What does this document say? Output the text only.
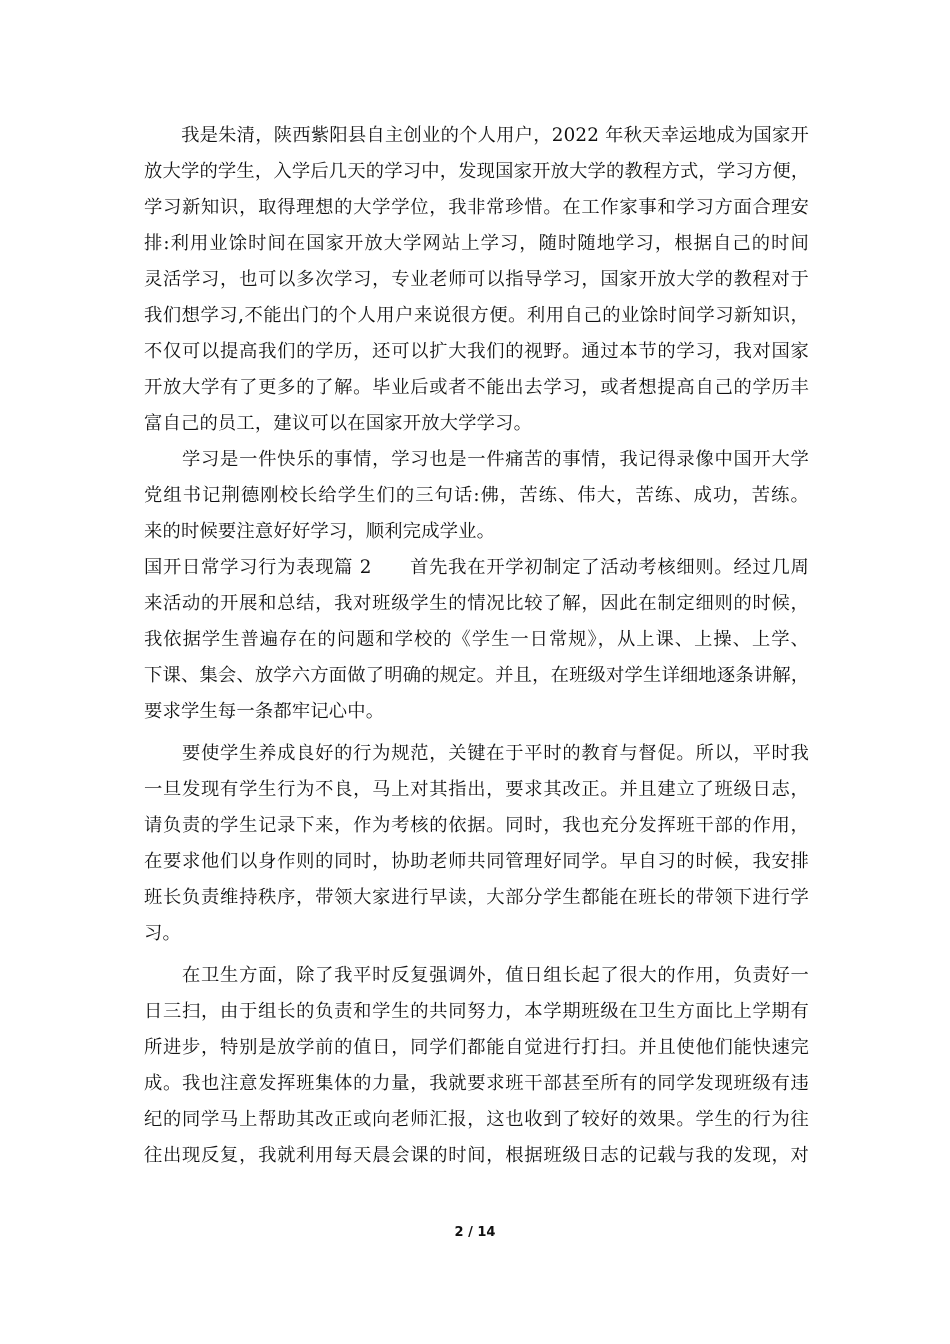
　　我是朱清，陕西紫阳县自主创业的个人用户，2022 年秋天幸运地成为国家开
放大学的学生，入学后几天的学习中，发现国家开放大学的教程方式，学习方便，
学习新知识，取得理想的大学学位，我非常珍惜。在工作家事和学习方面合理安
排:利用业馀时间在国家开放大学网站上学习，随时随地学习，根据自己的时间
灵活学习，也可以多次学习，专业老师可以指导学习，国家开放大学的教程对于
我们想学习,不能出门的个人用户来说很方便。利用自己的业馀时间学习新知识，
不仅可以提高我们的学历，还可以扩大我们的视野。通过本节的学习，我对国家
开放大学有了更多的了解。毕业后或者不能出去学习，或者想提高自己的学历丰
富自己的员工，建议可以在国家开放大学学习。
　　学习是一件快乐的事情，学习也是一件痛苦的事情，我记得录像中国开大学
党组书记荆德刚校长给学生们的三句话:佛，苦练、伟大，苦练、成功，苦练。
来的时候要注意好好学习，顺利完成学业。
国开日常学习行为表现篇 2　　首先我在开学初制定了活动考核细则。经过几周
来活动的开展和总结，我对班级学生的情况比较了解，因此在制定细则的时候，
我依据学生普遍存在的问题和学校的《学生一日常规》，从上课、上操、上学、
下课、集会、放学六方面做了明确的规定。并且，在班级对学生详细地逐条讲解，
要求学生每一条都牢记心中。
　　要使学生养成良好的行为规范，关键在于平时的教育与督促。所以，平时我
一旦发现有学生行为不良，马上对其指出，要求其改正。并且建立了班级日志，
请负责的学生记录下来，作为考核的依据。同时，我也充分发挥班干部的作用，
在要求他们以身作则的同时，协助老师共同管理好同学。早自习的时候，我安排
班长负责维持秩序，带领大家进行早读，大部分学生都能在班长的带领下进行学
习。
　　在卫生方面，除了我平时反复强调外，值日组长起了很大的作用，负责好一
日三扫，由于组长的负责和学生的共同努力，本学期班级在卫生方面比上学期有
所进步，特别是放学前的值日，同学们都能自觉进行打扫。并且使他们能快速完
成。我也注意发挥班集体的力量，我就要求班干部甚至所有的同学发现班级有违
纪的同学马上帮助其改正或向老师汇报，这也收到了较好的效果。学生的行为往
往出现反复，我就利用每天晨会课的时间，根据班级日志的记载与我的发现，对
2 / 14
